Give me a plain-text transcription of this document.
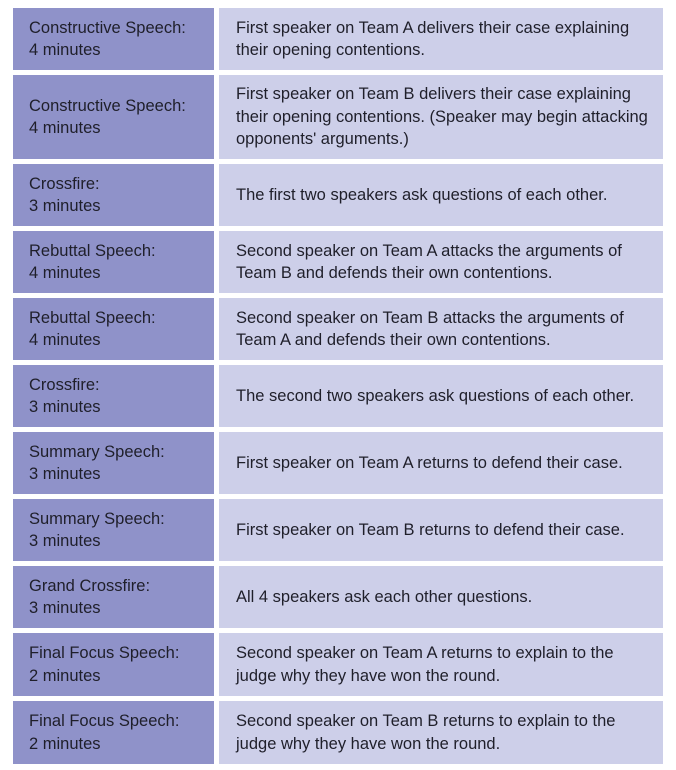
Constructive Speech:
4 minutes
First speaker on Team A delivers their case explaining their opening contentions.
Constructive Speech:
4 minutes
First speaker on Team B delivers their case explaining their opening contentions. (Speaker may begin attacking opponents' arguments.)
Crossfire:
3 minutes
The first two speakers ask questions of each other.
Rebuttal Speech:
4 minutes
Second speaker on Team A attacks the arguments of Team B and defends their own contentions.
Rebuttal Speech:
4 minutes
Second speaker on Team B attacks the arguments of Team A and defends their own contentions.
Crossfire:
3 minutes
The second two speakers ask questions of each other.
Summary Speech:
3 minutes
First speaker on Team A returns to defend their case.
Summary Speech:
3 minutes
First speaker on Team B returns to defend their case.
Grand Crossfire:
3 minutes
All 4 speakers ask each other questions.
Final Focus Speech:
2 minutes
Second speaker on Team A returns to explain to the judge why they have won the round.
Final Focus Speech:
2 minutes
Second speaker on Team B returns to explain to the judge why they have won the round.
